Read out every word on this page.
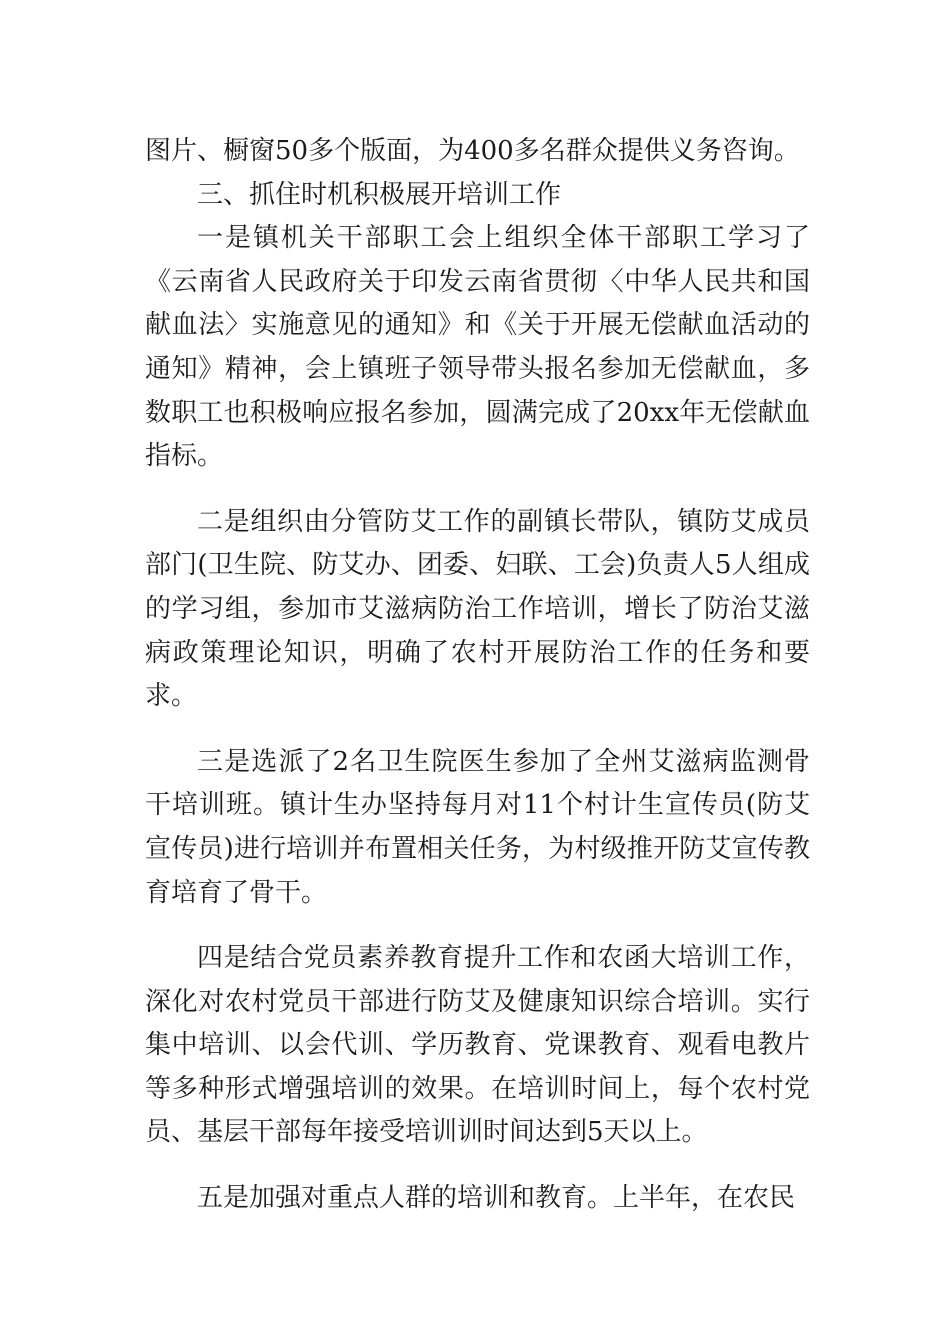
图片、橱窗50多个版面，为400多名群众提供义务咨询。

三、抓住时机积极展开培训工作

一是镇机关干部职工会上组织全体干部职工学习了《云南省人民政府关于印发云南省贯彻〈中华人民共和国献血法〉实施意见的通知》和《关于开展无偿献血活动的通知》精神，会上镇班子领导带头报名参加无偿献血，多数职工也积极响应报名参加，圆满完成了20xx年无偿献血指标。

二是组织由分管防艾工作的副镇长带队，镇防艾成员部门(卫生院、防艾办、团委、妇联、工会)负责人5人组成的学习组，参加市艾滋病防治工作培训，增长了防治艾滋病政策理论知识，明确了农村开展防治工作的任务和要求。

三是选派了2名卫生院医生参加了全州艾滋病监测骨干培训班。镇计生办坚持每月对11个村计生宣传员(防艾宣传员)进行培训并布置相关任务，为村级推开防艾宣传教育培育了骨干。

四是结合党员素养教育提升工作和农函大培训工作，深化对农村党员干部进行防艾及健康知识综合培训。实行集中培训、以会代训、学历教育、党课教育、观看电教片等多种形式增强培训的效果。在培训时间上，每个农村党员、基层干部每年接受培训训时间达到5天以上。

五是加强对重点人群的培训和教育。上半年，在农民
